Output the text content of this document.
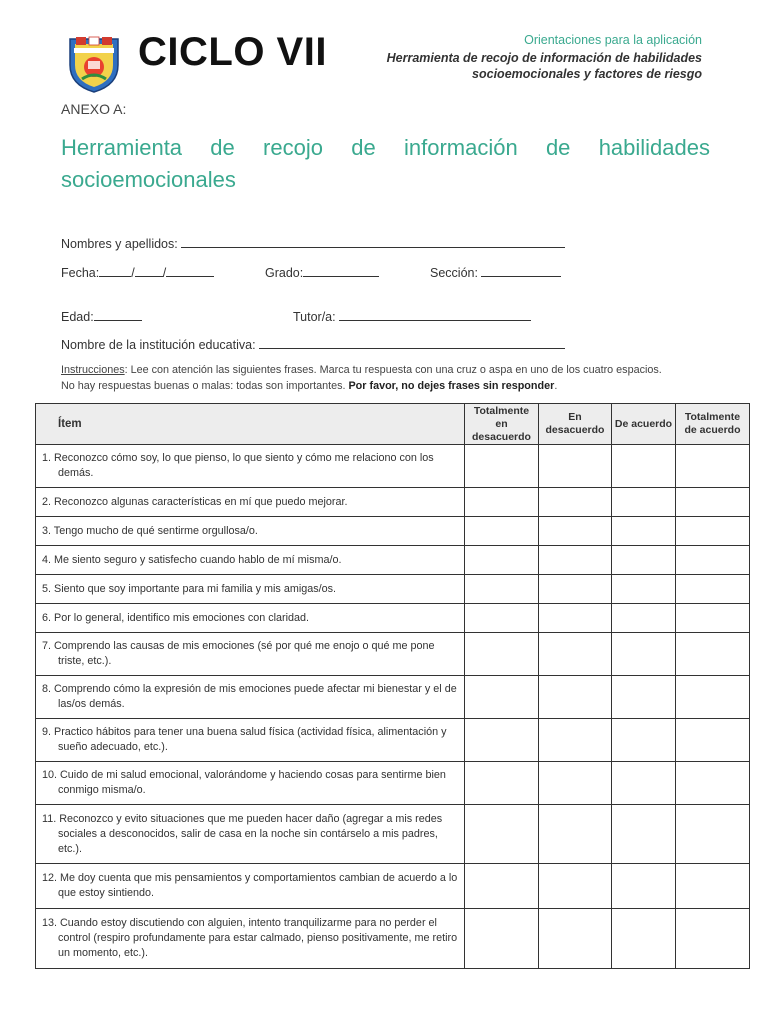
CICLO VII	Orientaciones para la aplicación
Herramienta de recojo de información de habilidades
socioemocionales y factores de riesgo
ANEXO A:
Herramienta de recojo de información de habilidades socioemocionales
Nombres y apellidos:
Fecha:	/ /	Grado:	Sección:
Edad:	Tutor/a:
Nombre de la institución educativa:
Instrucciones: Lee con atención las siguientes frases. Marca tu respuesta con una cruz o aspa en uno de los cuatro espacios.
No hay respuestas buenas o malas: todas son importantes. Por favor, no dejes frases sin responder.
Ítem	Totalmente en desacuerdo	En desacuerdo	De acuerdo	Totalmente de acuerdo

1. Reconozco cómo soy, lo que pienso, lo que siento y cómo me relaciono con los demás.				

2. Reconozco algunas características en mí que puedo mejorar.				

3. Tengo mucho de qué sentirme orgullosa/o.				

4. Me siento seguro y satisfecho cuando hablo de mí misma/o.				

5. Siento que soy importante para mi familia y mis amigas/os.				

6. Por lo general, identifico mis emociones con claridad.				

7. Comprendo las causas de mis emociones (sé por qué me enojo o qué me pone triste, etc.).				

8. Comprendo cómo la expresión de mis emociones puede afectar mi bienestar y el de las/os demás.				

9. Practico hábitos para tener una buena salud física (actividad física, alimentación y sueño adecuado, etc.).				

10. Cuido de mi salud emocional, valorándome y haciendo cosas para sentirme bien conmigo misma/o.				

11. Reconozco y evito situaciones que me pueden hacer daño (agregar a mis redes sociales a desconocidos, salir de casa en la noche sin contárselo a mis padres, etc.).				

12. Me doy cuenta que mis pensamientos y comportamientos cambian de acuerdo a lo que estoy sintiendo.				

13. Cuando estoy discutiendo con alguien, intento tranquilizarme para no perder el control (respiro profundamente para estar calmado, pienso positivamente, me retiro un momento, etc.).				
